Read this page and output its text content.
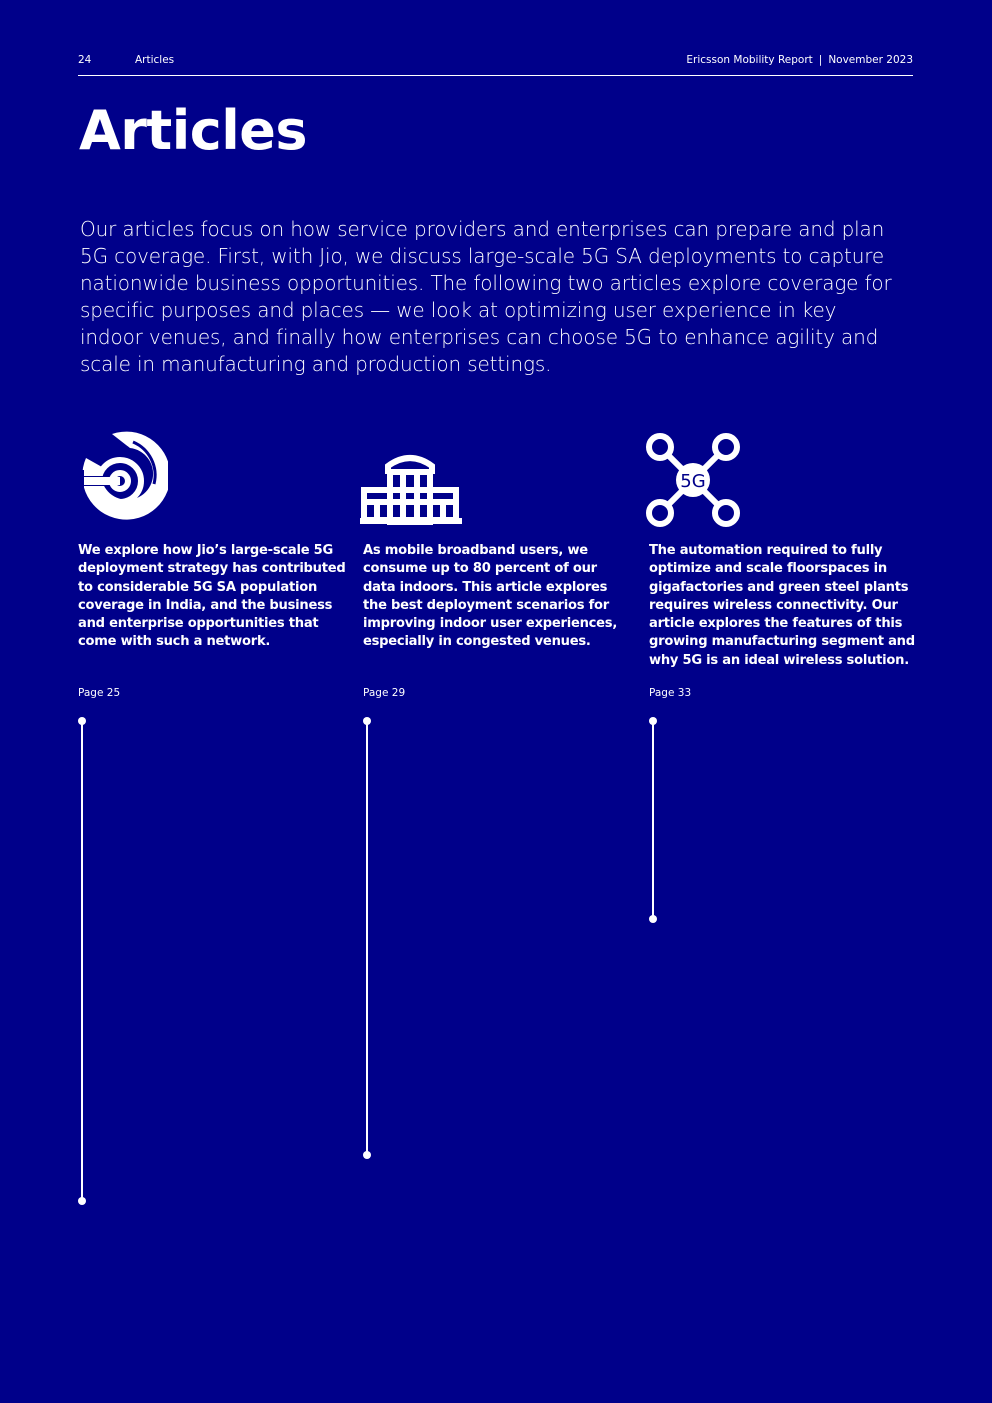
24	Articles	Ericsson Mobility Report | November 2023
Articles

Our articles focus on how service providers and enterprises can prepare and plan 5G coverage. First, with Jio, we discuss large-scale 5G SA deployments to capture nationwide business opportunities. The following two articles explore coverage for specific purposes and places — we look at optimizing user experience in key indoor venues, and finally how enterprises can choose 5G to enhance agility and scale in manufacturing and production settings.

We explore how Jio’s large-scale 5G deployment strategy has contributed to considerable 5G SA population coverage in India, and the business and enterprise opportunities that come with such a network.

Page 25

As mobile broadband users, we consume up to 80 percent of our data indoors. This article explores the best deployment scenarios for improving indoor user experiences, especially in congested venues.

Page 29

5G

The automation required to fully optimize and scale floorspaces in gigafactories and green steel plants requires wireless connectivity. Our article explores the features of this growing manufacturing segment and why 5G is an ideal wireless solution.

Page 33
